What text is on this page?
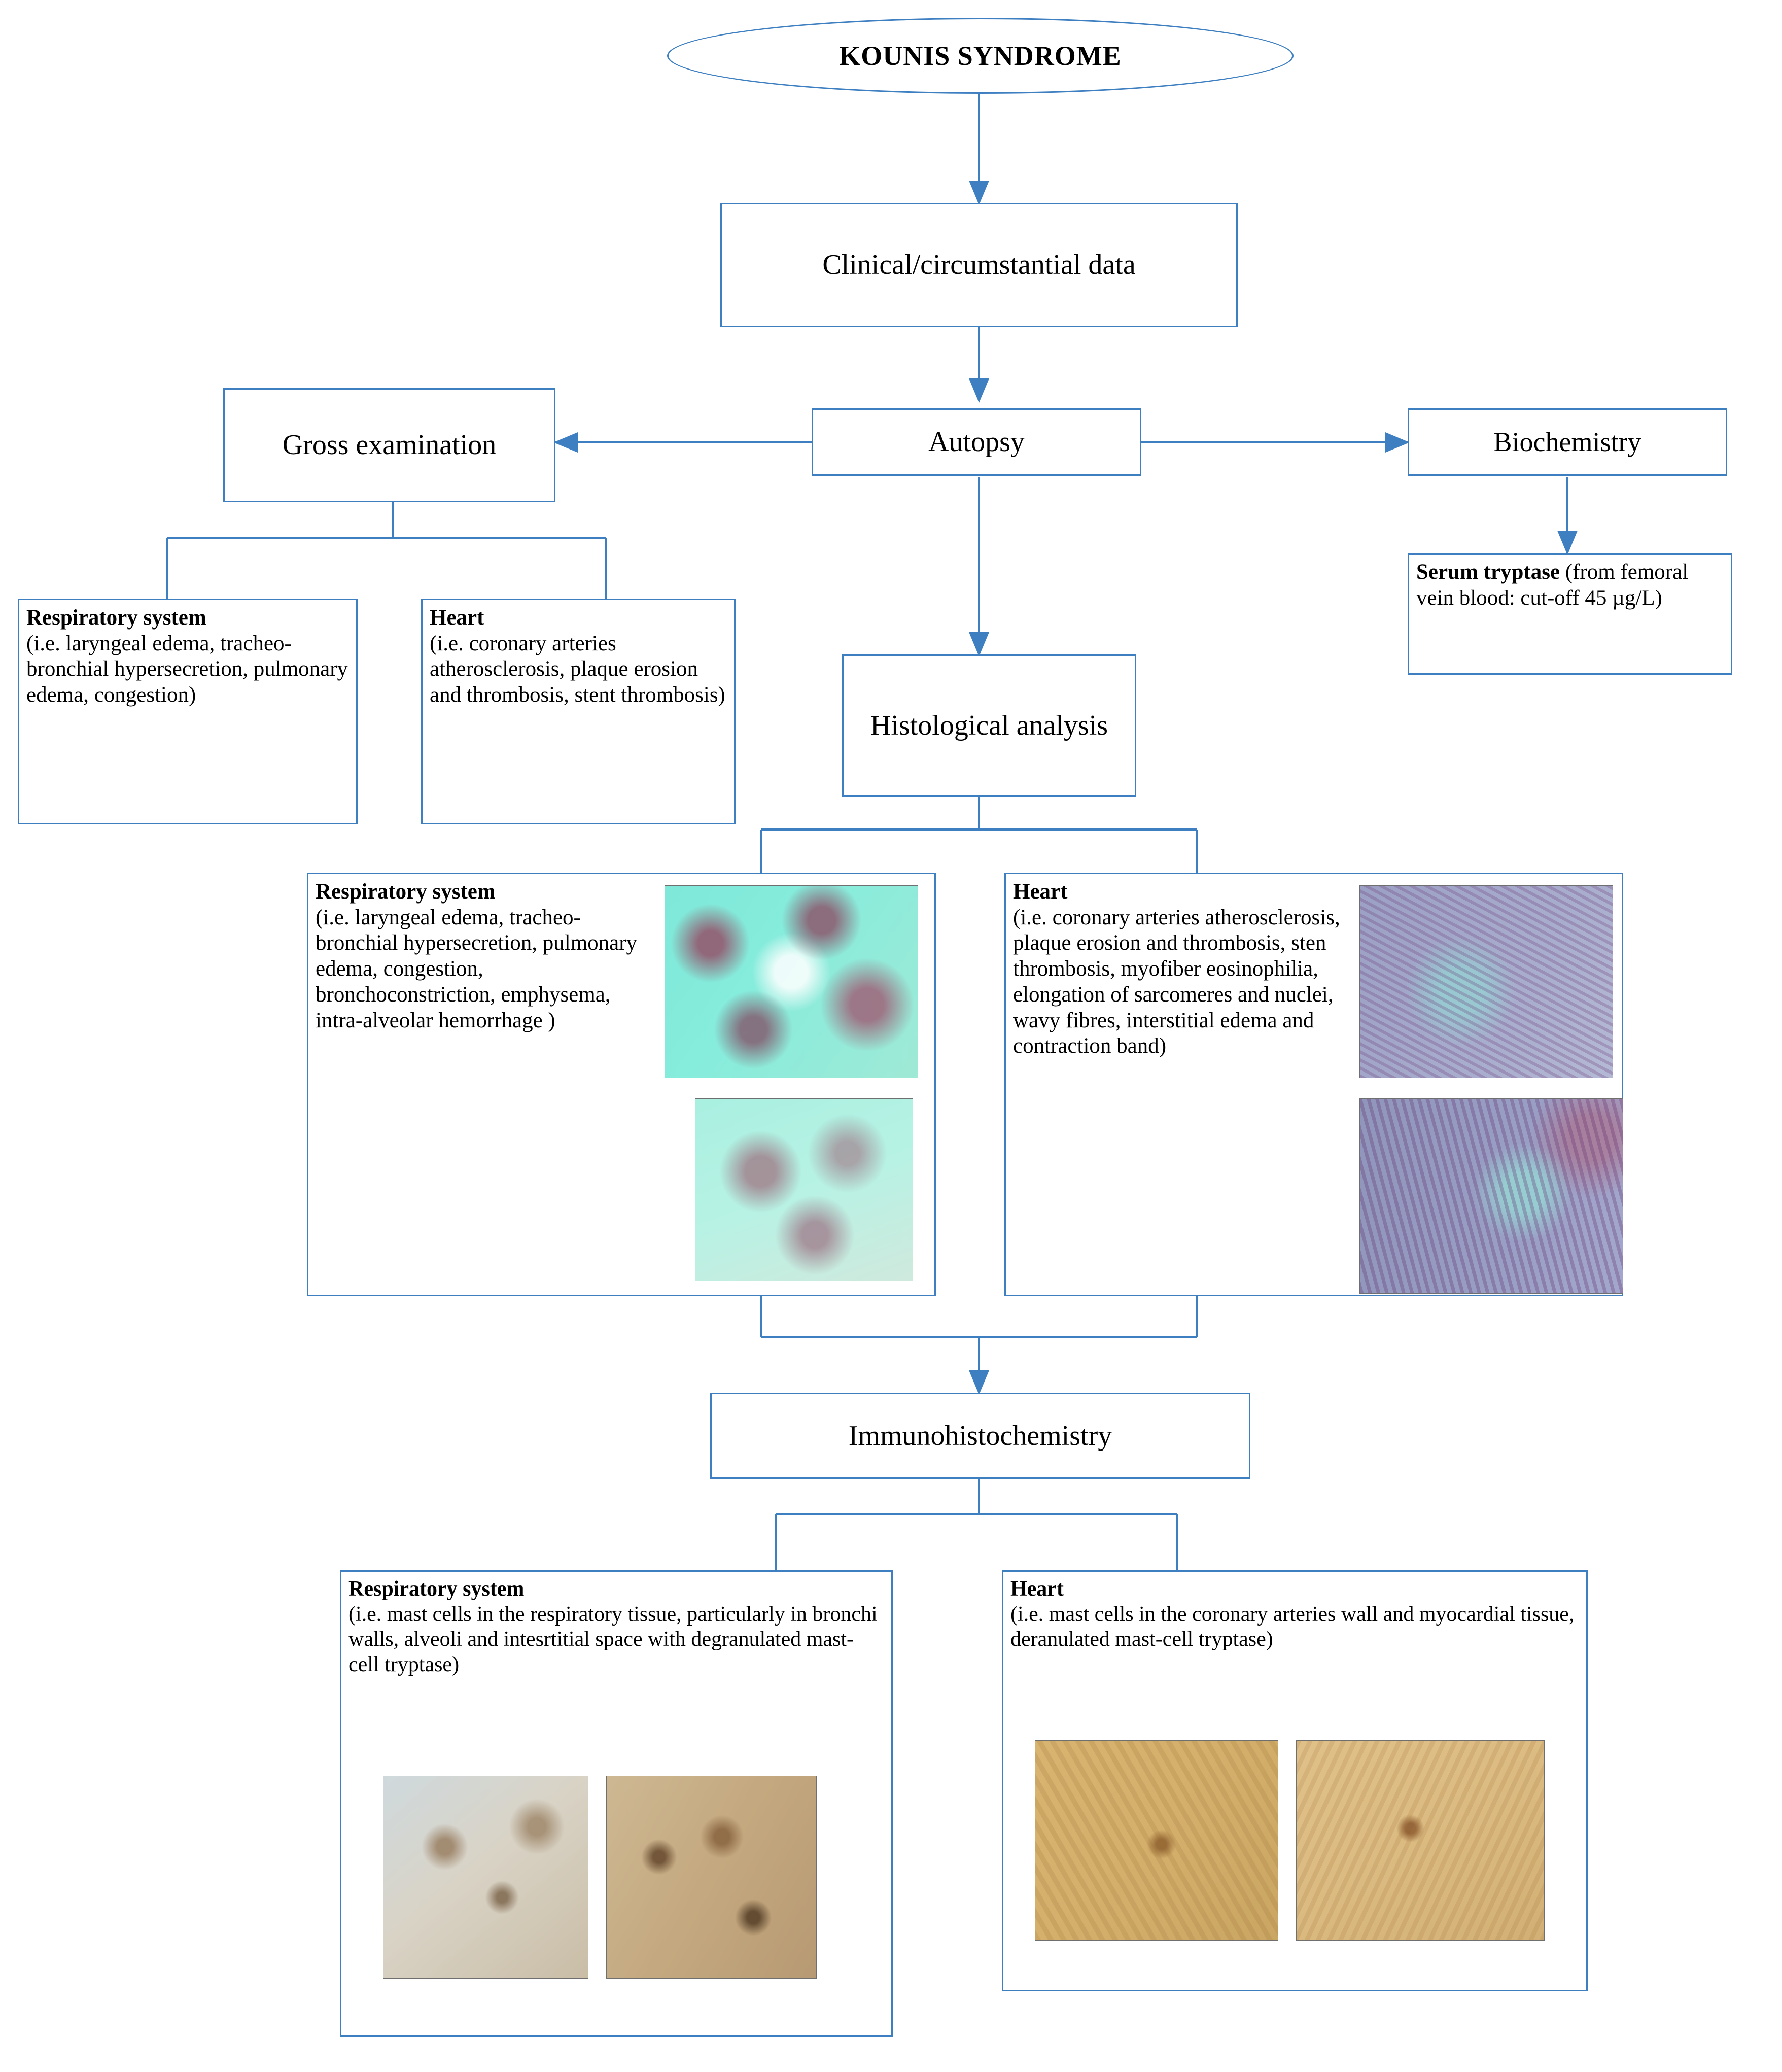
KOUNIS SYNDROME
Clinical/circumstantial data
Autopsy
Gross examination	Biochemistry
Serum tryptase (from femoral vein blood: cut-off 45 µg/L)
Respiratory system
(i.e. laryngeal edema, tracheo-bronchial hypersecretion, pulmonary edema, congestion)
Heart
(i.e. coronary arteries atherosclerosis, plaque erosion and thrombosis, stent thrombosis)
Histological analysis
Respiratory system
(i.e. laryngeal edema, tracheo-bronchial hypersecretion, pulmonary edema, congestion, bronchoconstriction, emphysema, intra-alveolar hemorrhage )
Heart
(i.e. coronary arteries atherosclerosis, plaque erosion and thrombosis, sten thrombosis, myofiber eosinophilia, elongation of sarcomeres and nuclei, wavy fibres, interstitial edema and contraction band)
Immunohistochemistry
Respiratory system
(i.e. mast cells in the respiratory tissue, particularly in bronchi walls, alveoli and intesrtitial space with degranulated mast-cell tryptase)
Heart
(i.e. mast cells in the coronary arteries wall and myocardial tissue, deranulated mast-cell tryptase)
